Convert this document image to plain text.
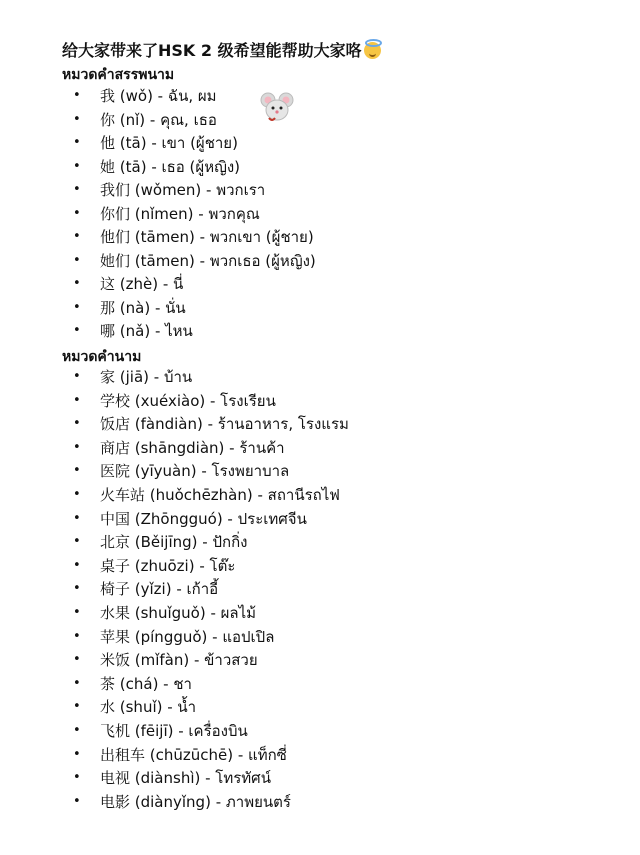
给大家带来了HSK 2 级希望能帮助大家咯
หมวดคำสรรพนาม
• 我 (wǒ) - ฉัน, ผม
• 你 (nǐ) - คุณ, เธอ
• 他 (tā) - เขา (ผู้ชาย)
• 她 (tā) - เธอ (ผู้หญิง)
• 我们 (wǒmen) - พวกเรา
• 你们 (nǐmen) - พวกคุณ
• 他们 (tāmen) - พวกเขา (ผู้ชาย)
• 她们 (tāmen) - พวกเธอ (ผู้หญิง)
• 这 (zhè) - นี่
• 那 (nà) - นั่น
• 哪 (nǎ) - ไหน
หมวดคำนาม
• 家 (jiā) - บ้าน
• 学校 (xuéxiào) - โรงเรียน
• 饭店 (fàndiàn) - ร้านอาหาร, โรงแรม
• 商店 (shāngdiàn) - ร้านค้า
• 医院 (yīyuàn) - โรงพยาบาล
• 火车站 (huǒchēzhàn) - สถานีรถไฟ
• 中国 (Zhōngguó) - ประเทศจีน
• 北京 (Běijīng) - ปักกิ่ง
• 桌子 (zhuōzi) - โต๊ะ
• 椅子 (yǐzi) - เก้าอี้
• 水果 (shuǐguǒ) - ผลไม้
• 苹果 (píngguǒ) - แอปเปิล
• 米饭 (mǐfàn) - ข้าวสวย
• 茶 (chá) - ชา
• 水 (shuǐ) - น้ำ
• 飞机 (fēijī) - เครื่องบิน
• 出租车 (chūzūchē) - แท็กซี่
• 电视 (diànshì) - โทรทัศน์
• 电影 (diànyǐng) - ภาพยนตร์
